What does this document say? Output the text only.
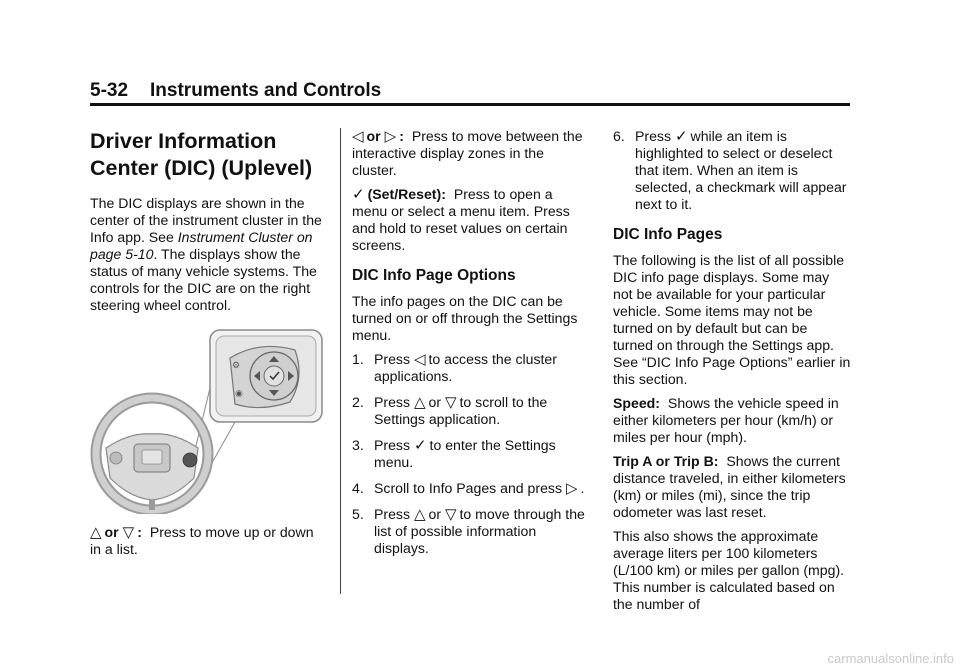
5-32 Instruments and Controls
Driver Information Center (DIC) (Uplevel)

The DIC displays are shown in the center of the instrument cluster in the Info app. See Instrument Cluster on page 5-10. The displays show the status of many vehicle systems. The controls for the DIC are on the right steering wheel control.

⚙
◉

△ or ▽ : Press to move up or down in a list.

◁ or ▷ : Press to move between the interactive display zones in the cluster.

✓ (Set/Reset): Press to open a menu or select a menu item. Press and hold to reset values on certain screens.

DIC Info Page Options

The info pages on the DIC can be turned on or off through the Settings menu.

1. Press ◁ to access the cluster applications.
2. Press △ or ▽ to scroll to the Settings application.
3. Press ✓ to enter the Settings menu.
4. Scroll to Info Pages and press ▷ .
5. Press △ or ▽ to move through the list of possible information displays.
6. Press ✓ while an item is highlighted to select or deselect that item. When an item is selected, a checkmark will appear next to it.
DIC Info Pages

The following is the list of all possible DIC info page displays. Some may not be available for your particular vehicle. Some items may not be turned on by default but can be turned on through the Settings app. See “DIC Info Page Options” earlier in this section.

Speed: Shows the vehicle speed in either kilometers per hour (km/h) or miles per hour (mph).

Trip A or Trip B: Shows the current distance traveled, in either kilometers (km) or miles (mi), since the trip odometer was last reset.

This also shows the approximate average liters per 100 kilometers (L/100 km) or miles per gallon (mpg). This number is calculated based on the number of

carmanualsonline.info
